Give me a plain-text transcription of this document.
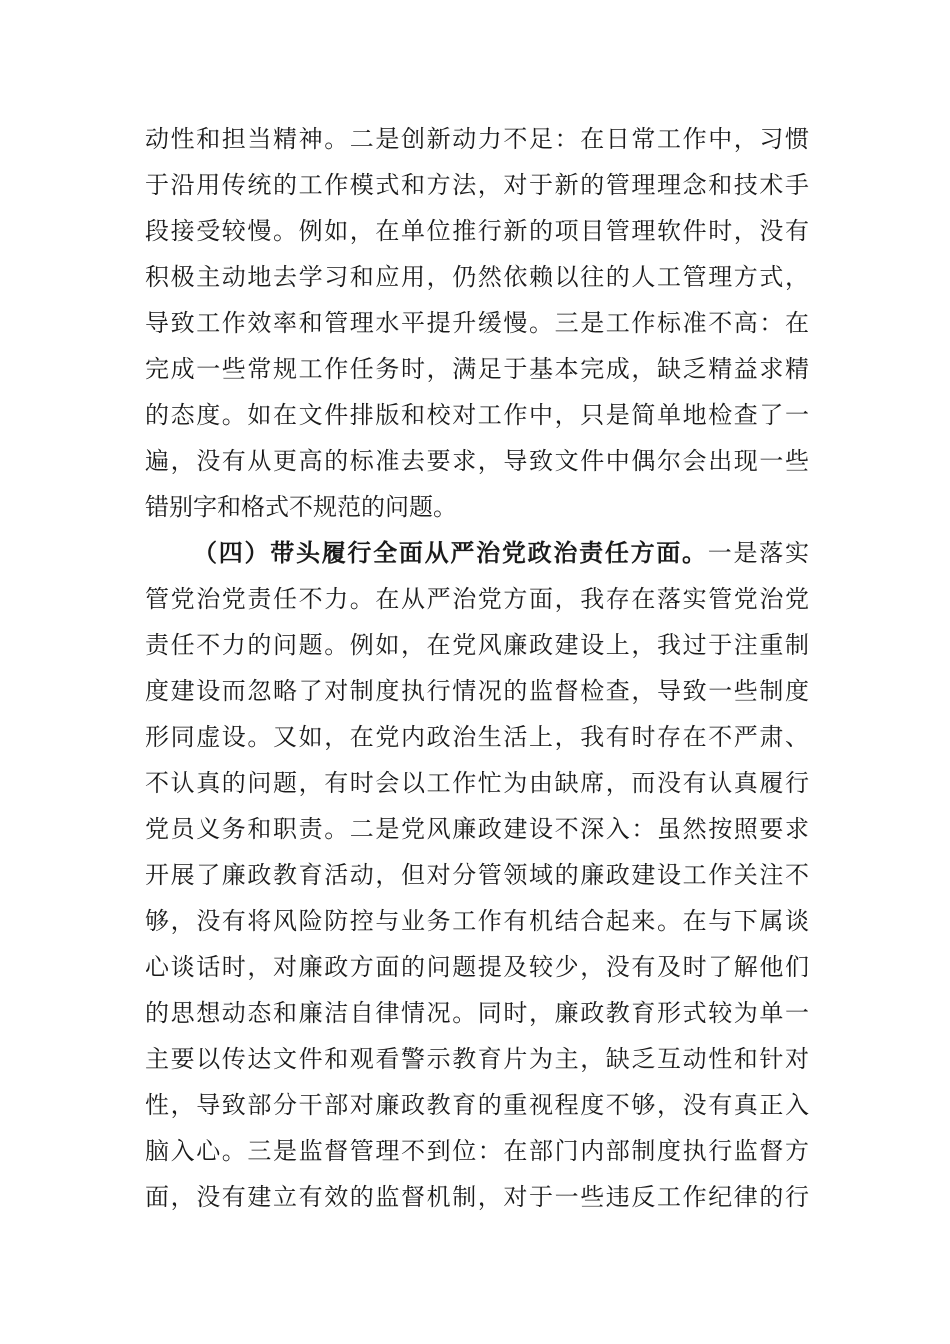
动性和担当精神。二是创新动力不足：在日常工作中，习惯
于沿用传统的工作模式和方法，对于新的管理理念和技术手
段接受较慢。例如，在单位推行新的项目管理软件时，没有
积极主动地去学习和应用，仍然依赖以往的人工管理方式，
导致工作效率和管理水平提升缓慢。三是工作标准不高：在
完成一些常规工作任务时，满足于基本完成，缺乏精益求精
的态度。如在文件排版和校对工作中，只是简单地检查了一
遍，没有从更高的标准去要求，导致文件中偶尔会出现一些
错别字和格式不规范的问题。
（四）带头履行全面从严治党政治责任方面。一是落实
管党治党责任不力。在从严治党方面，我存在落实管党治党
责任不力的问题。例如，在党风廉政建设上，我过于注重制
度建设而忽略了对制度执行情况的监督检查，导致一些制度
形同虚设。又如，在党内政治生活上，我有时存在不严肃、
不认真的问题，有时会以工作忙为由缺席，而没有认真履行
党员义务和职责。二是党风廉政建设不深入：虽然按照要求
开展了廉政教育活动，但对分管领域的廉政建设工作关注不
够，没有将风险防控与业务工作有机结合起来。在与下属谈
心谈话时，对廉政方面的问题提及较少，没有及时了解他们
的思想动态和廉洁自律情况。同时，廉政教育形式较为单一
主要以传达文件和观看警示教育片为主，缺乏互动性和针对
性，导致部分干部对廉政教育的重视程度不够，没有真正入
脑入心。三是监督管理不到位：在部门内部制度执行监督方
面，没有建立有效的监督机制，对于一些违反工作纪律的行
